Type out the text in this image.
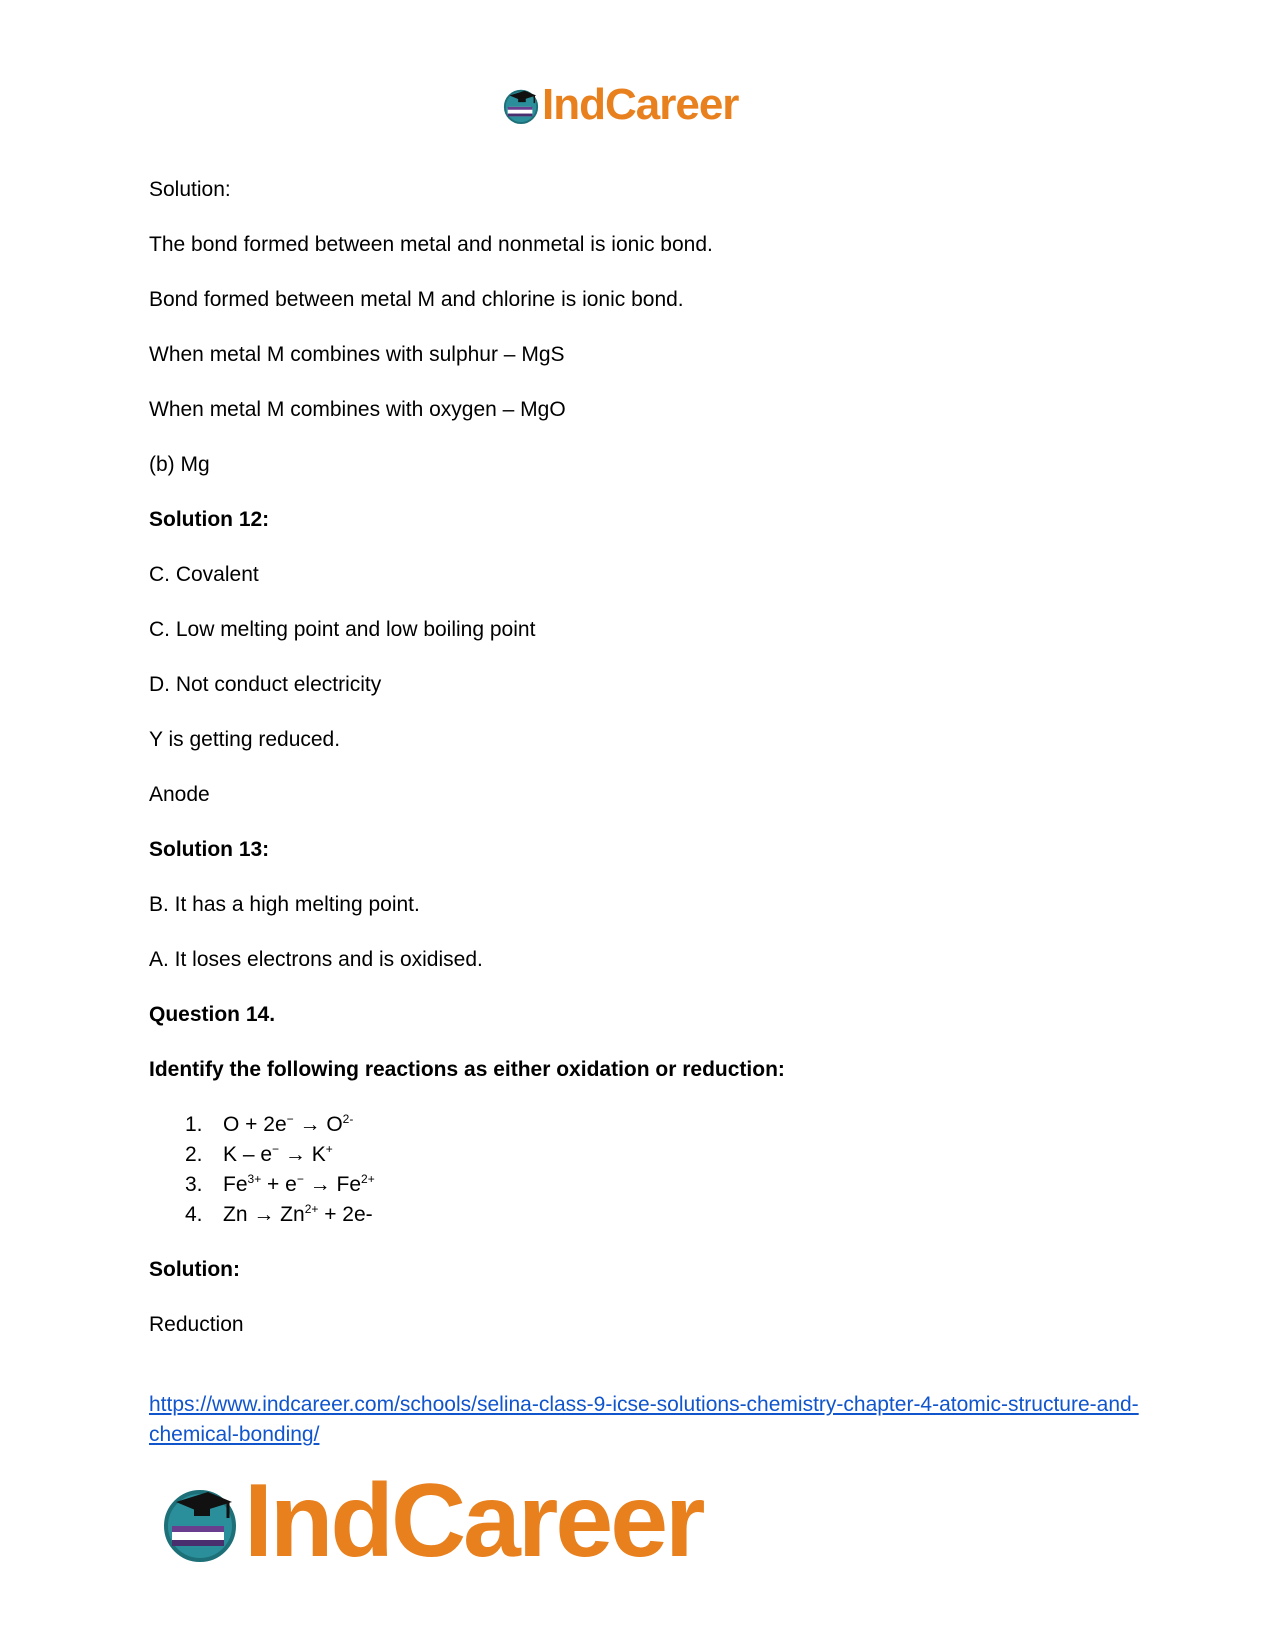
IndCareer
Solution:
The bond formed between metal and nonmetal is ionic bond.
Bond formed between metal M and chlorine is ionic bond.
When metal M combines with sulphur – MgS
When metal M combines with oxygen – MgO
(b) Mg
Solution 12:
C. Covalent
C. Low melting point and low boiling point
D. Not conduct electricity
Y is getting reduced.
Anode
Solution 13:
B. It has a high melting point.
A. It loses electrons and is oxidised.
Question 14.
Identify the following reactions as either oxidation or reduction:
1. $O + 2e^- \to O^{2-}$
2. K – e− → K+
3. $Fe^{3+} + e^- \to Fe^{2+}$
4. $Zn \to Zn^{2+} + 2e-$
Solution:
Reduction
https://www.indcareer.com/schools/selina-class-9-icse-solutions-chemistry-chapter-4-atomic-structure-and-chemical-bonding/
IndCareer
